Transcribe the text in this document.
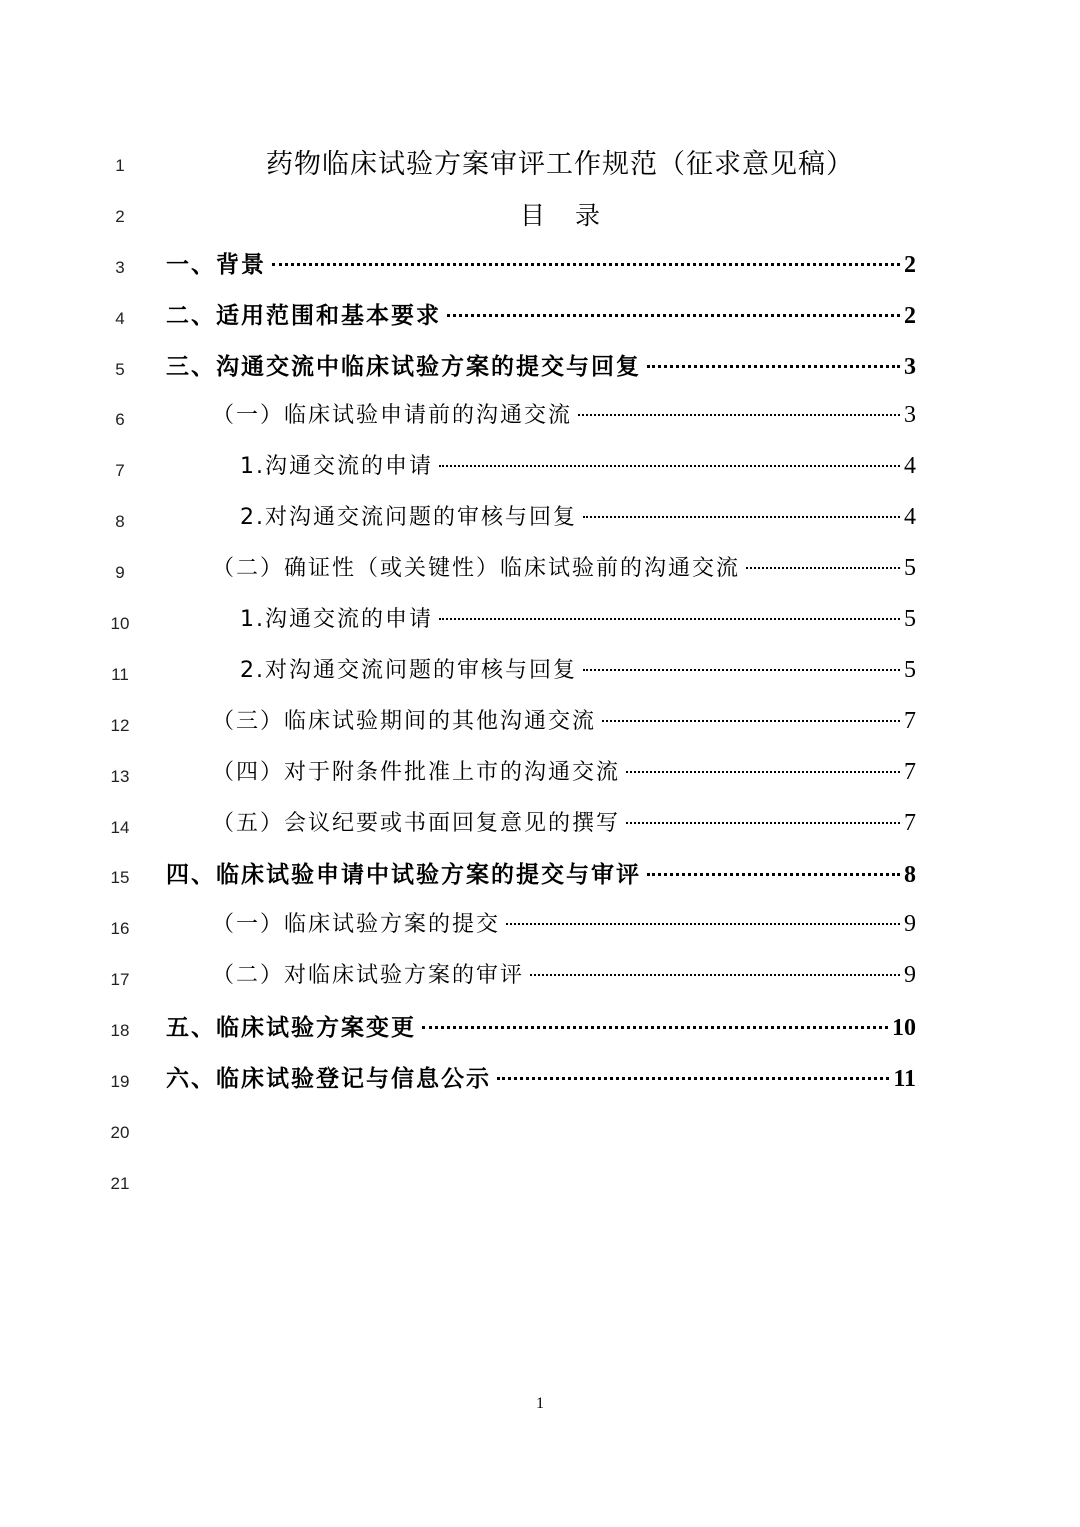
1
2
3
4
5
6
7
8
9
10
11
12
13
14
15
16
17
18
19
20
21
药物临床试验方案审评工作规范（征求意见稿）
目录
一、背景	2
二、适用范围和基本要求	2
三、沟通交流中临床试验方案的提交与回复	3
（一）临床试验申请前的沟通交流	3
1.沟通交流的申请	4
2.对沟通交流问题的审核与回复	4
（二）确证性（或关键性）临床试验前的沟通交流	5
1.沟通交流的申请	5
2.对沟通交流问题的审核与回复	5
（三）临床试验期间的其他沟通交流	7
（四）对于附条件批准上市的沟通交流	7
（五）会议纪要或书面回复意见的撰写	7
四、临床试验申请中试验方案的提交与审评	8
（一）临床试验方案的提交	9
（二）对临床试验方案的审评	9
五、临床试验方案变更	10
六、临床试验登记与信息公示	11
1
